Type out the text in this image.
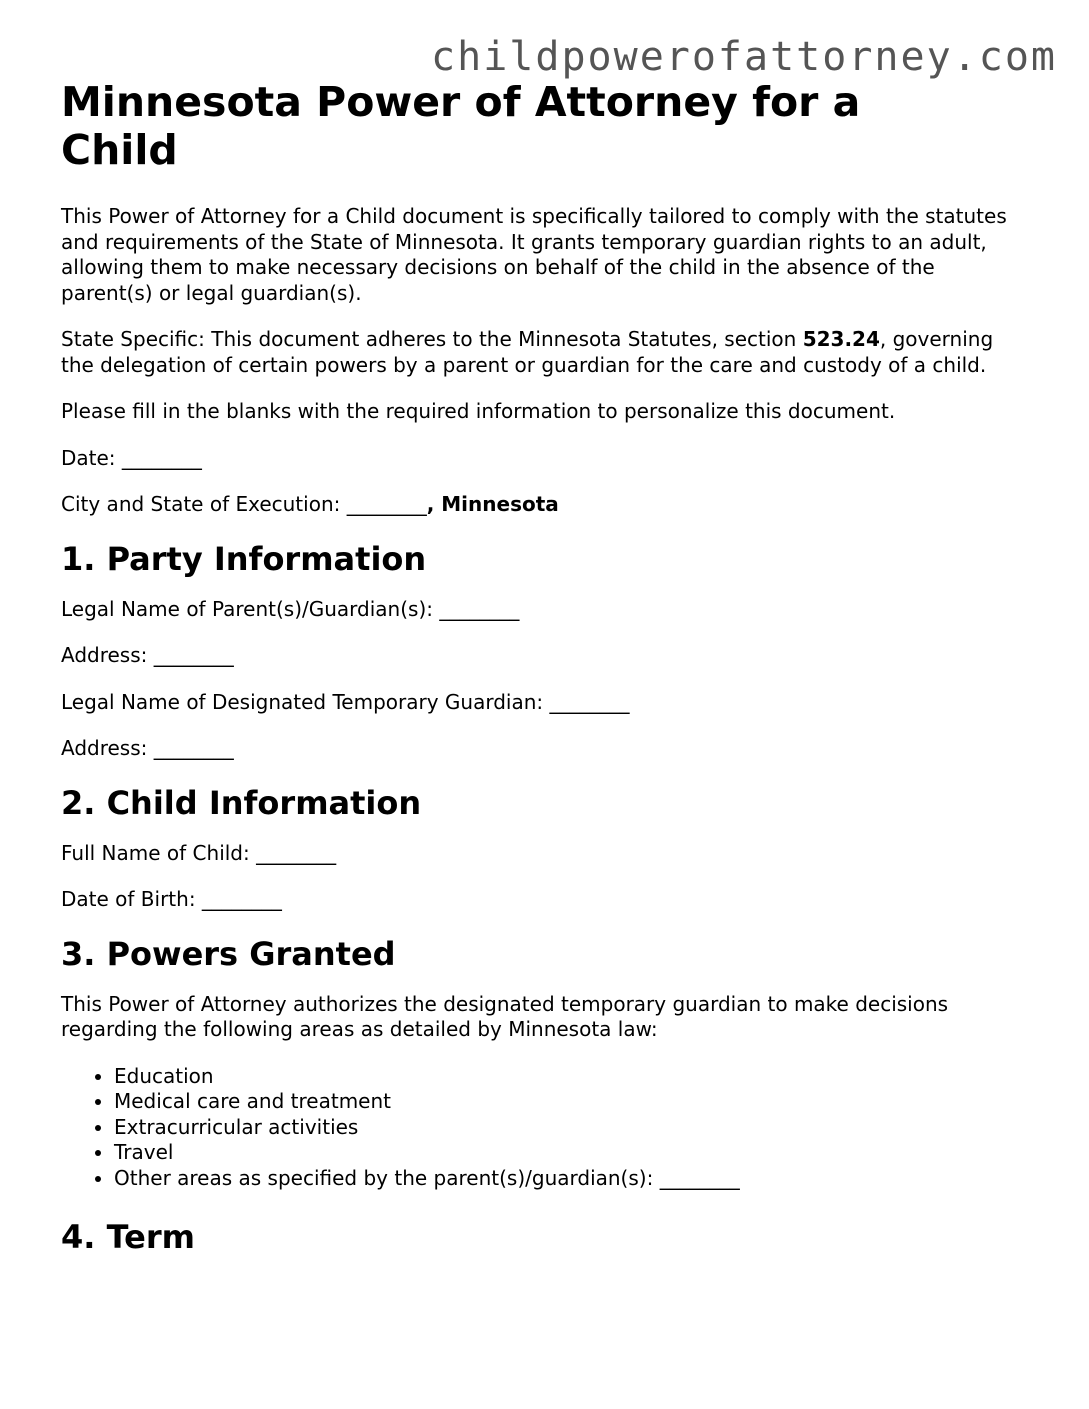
childpowerofattorney.com
Minnesota Power of Attorney for a Child

This Power of Attorney for a Child document is specifically tailored to comply with the statutes and requirements of the State of Minnesota. It grants temporary guardian rights to an adult, allowing them to make necessary decisions on behalf of the child in the absence of the parent(s) or legal guardian(s).

State Specific: This document adheres to the Minnesota Statutes, section 523.24, governing the delegation of certain powers by a parent or guardian for the care and custody of a child.

Please fill in the blanks with the required information to personalize this document.

Date: ________

City and State of Execution: ________, Minnesota

1. Party Information

Legal Name of Parent(s)/Guardian(s): ________

Address: ________

Legal Name of Designated Temporary Guardian: ________

Address: ________

2. Child Information

Full Name of Child: ________

Date of Birth: ________

3. Powers Granted

This Power of Attorney authorizes the designated temporary guardian to make decisions regarding the following areas as detailed by Minnesota law:

• Education
• Medical care and treatment
• Extracurricular activities
• Travel
• Other areas as specified by the parent(s)/guardian(s): ________
4. Term
